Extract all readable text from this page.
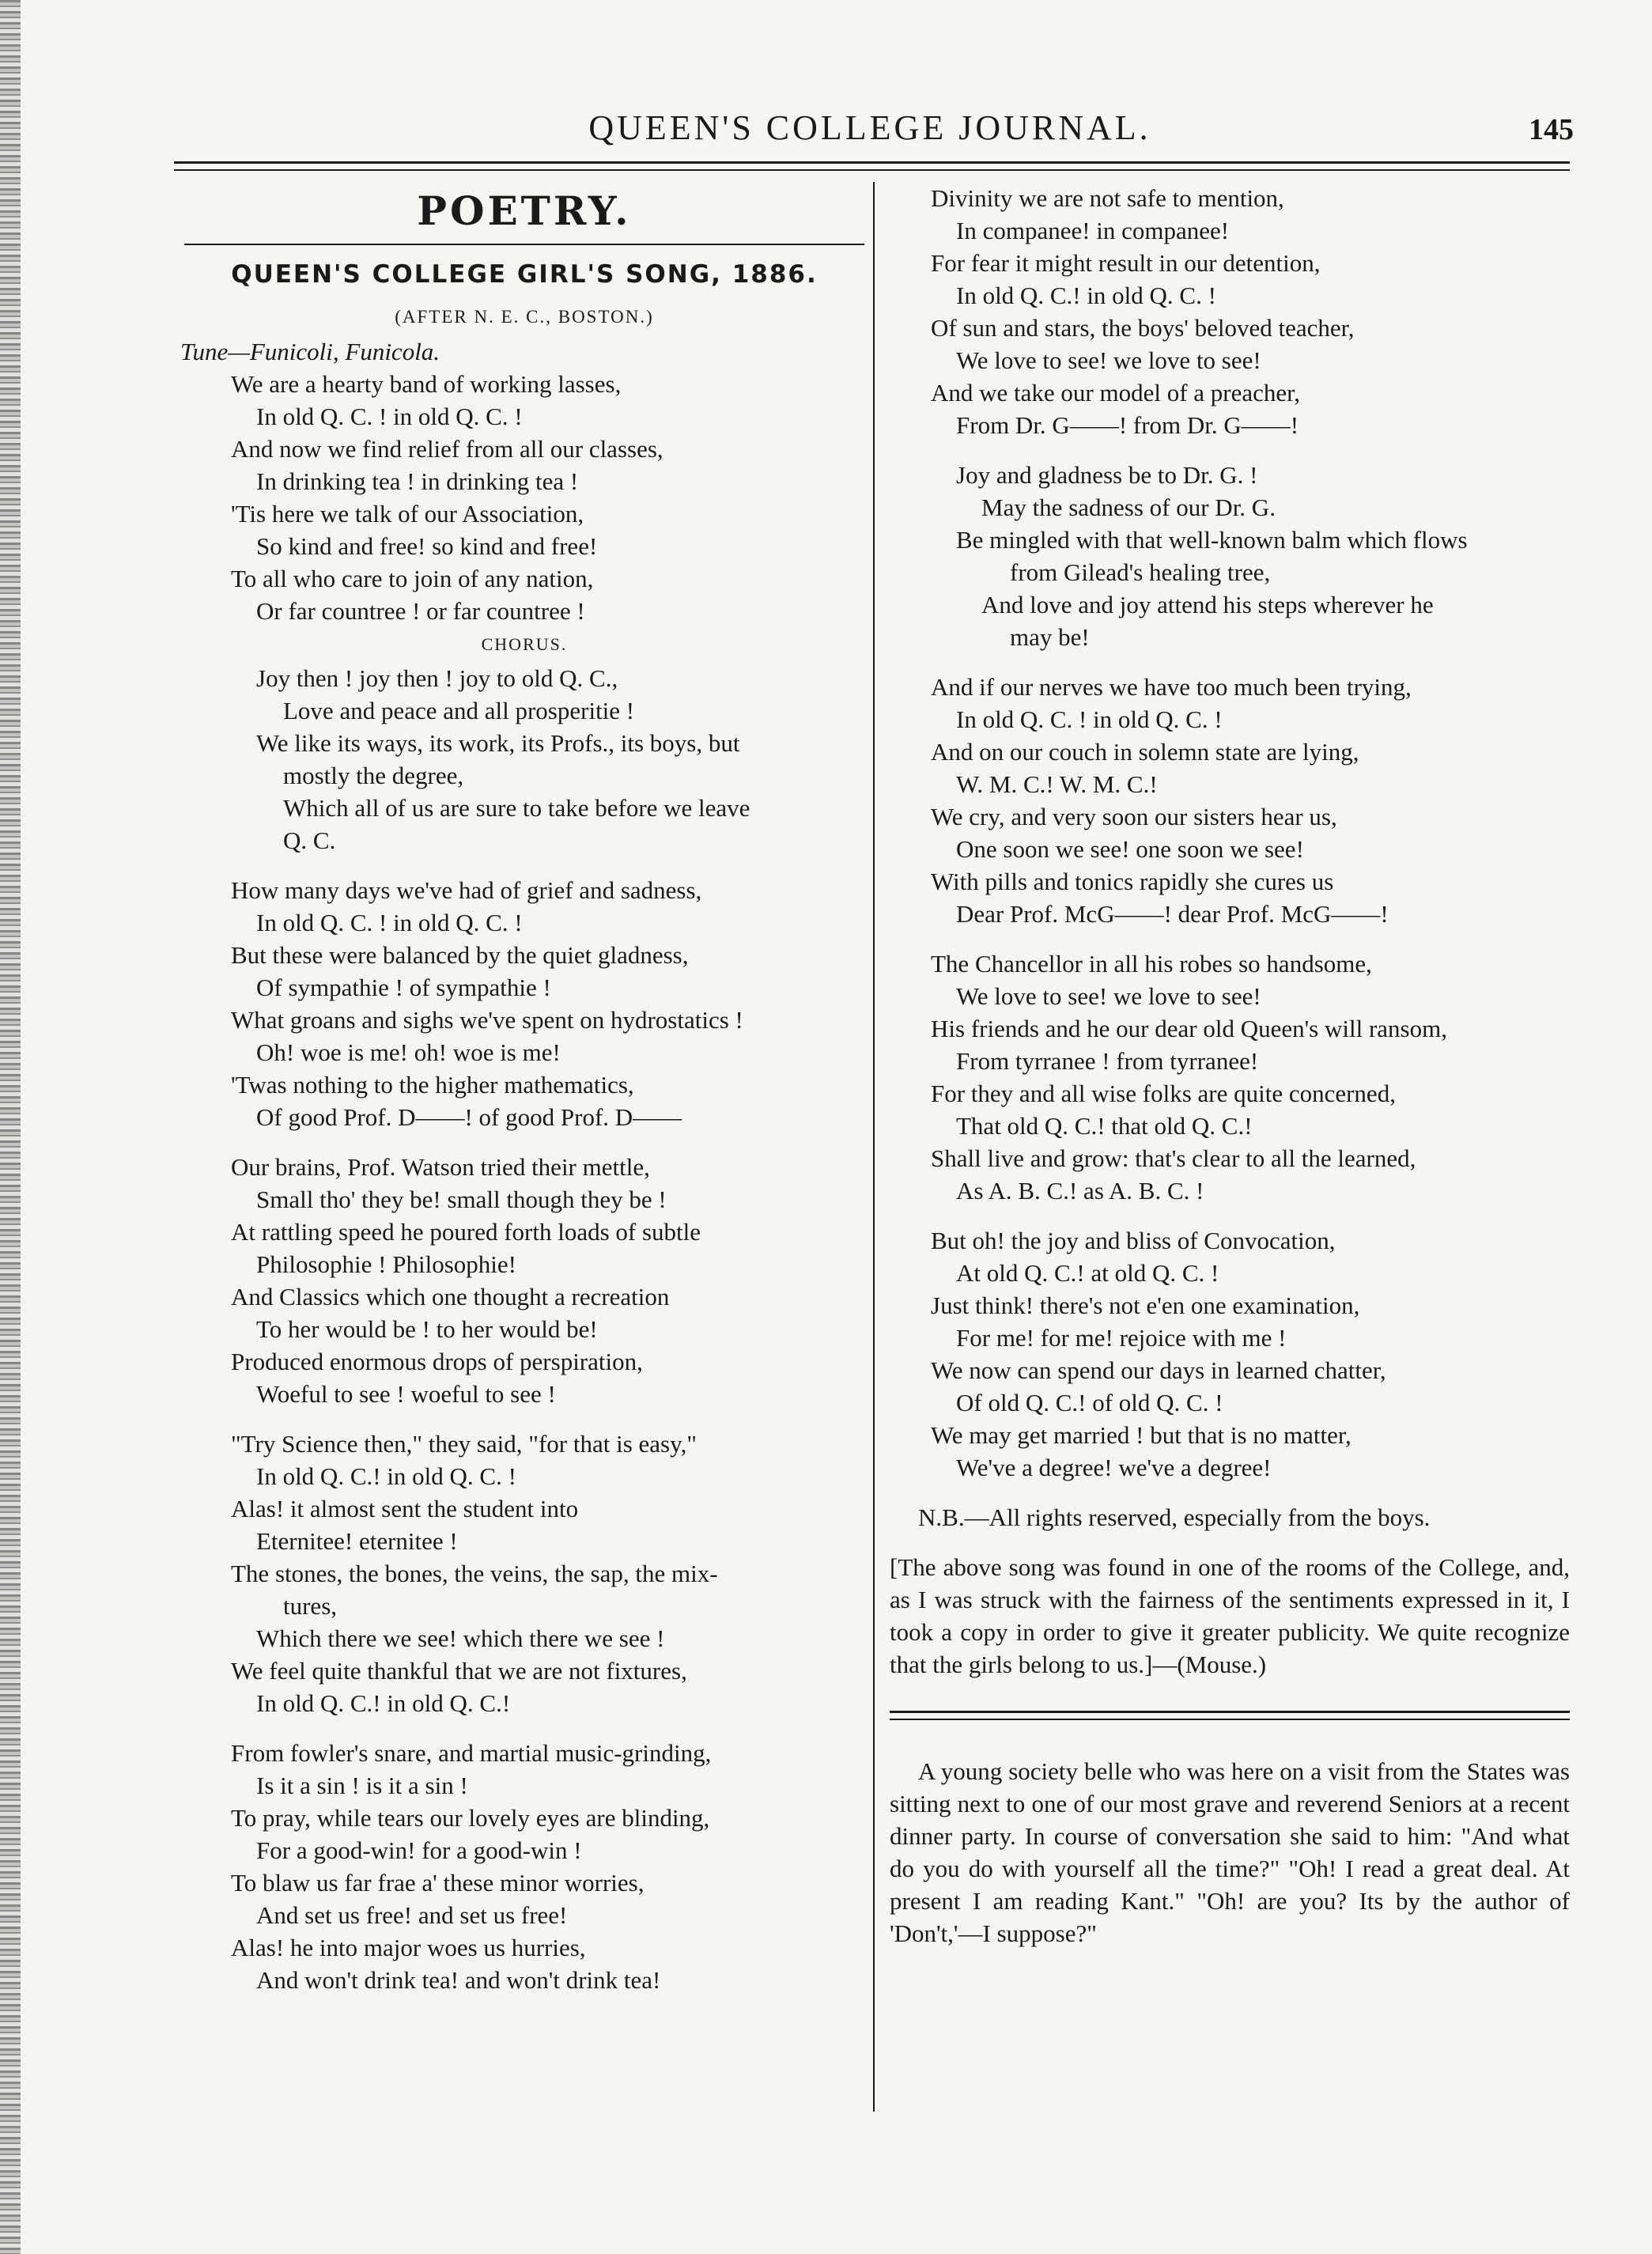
QUEEN'S COLLEGE JOURNAL.	145
POETRY.
QUEEN'S COLLEGE GIRL'S SONG, 1886.
(AFTER N. E. C., BOSTON.)
Tune—Funicoli, Funicola.
We are a hearty band of working lasses,
In old Q. C. ! in old Q. C. !
And now we find relief from all our classes,
In drinking tea ! in drinking tea !
'Tis here we talk of our Association,
So kind and free! so kind and free!
To all who care to join of any nation,
Or far countree ! or far countree !
CHORUS.
Joy then ! joy then ! joy to old Q. C.,
Love and peace and all prosperitie !
We like its ways, its work, its Profs., its boys, but
mostly the degree,
Which all of us are sure to take before we leave
Q. C.
How many days we've had of grief and sadness,
In old Q. C. ! in old Q. C. !
But these were balanced by the quiet gladness,
Of sympathie ! of sympathie !
What groans and sighs we've spent on hydrostatics !
Oh! woe is me! oh! woe is me!
'Twas nothing to the higher mathematics,
Of good Prof. D——! of good Prof. D——
Our brains, Prof. Watson tried their mettle,
Small tho' they be! small though they be !
At rattling speed he poured forth loads of subtle
Philosophie ! Philosophie!
And Classics which one thought a recreation
To her would be ! to her would be!
Produced enormous drops of perspiration,
Woeful to see ! woeful to see !
"Try Science then," they said, "for that is easy,"
In old Q. C.! in old Q. C. !
Alas! it almost sent the student into
Eternitee! eternitee !
The stones, the bones, the veins, the sap, the mix-
tures,
Which there we see! which there we see !
We feel quite thankful that we are not fixtures,
In old Q. C.! in old Q. C.!
From fowler's snare, and martial music-grinding,
Is it a sin ! is it a sin !
To pray, while tears our lovely eyes are blinding,
For a good-win! for a good-win !
To blaw us far frae a' these minor worries,
And set us free! and set us free!
Alas! he into major woes us hurries,
And won't drink tea! and won't drink tea!
Divinity we are not safe to mention,
In companee! in companee!
For fear it might result in our detention,
In old Q. C.! in old Q. C. !
Of sun and stars, the boys' beloved teacher,
We love to see! we love to see!
And we take our model of a preacher,
From Dr. G——! from Dr. G——!
Joy and gladness be to Dr. G. !
May the sadness of our Dr. G.
Be mingled with that well-known balm which flows
from Gilead's healing tree,
And love and joy attend his steps wherever he
may be!
And if our nerves we have too much been trying,
In old Q. C. ! in old Q. C. !
And on our couch in solemn state are lying,
W. M. C.! W. M. C.!
We cry, and very soon our sisters hear us,
One soon we see! one soon we see!
With pills and tonics rapidly she cures us
Dear Prof. McG——! dear Prof. McG——!
The Chancellor in all his robes so handsome,
We love to see! we love to see!
His friends and he our dear old Queen's will ransom,
From tyrranee ! from tyrranee!
For they and all wise folks are quite concerned,
That old Q. C.! that old Q. C.!
Shall live and grow: that's clear to all the learned,
As A. B. C.! as A. B. C. !
But oh! the joy and bliss of Convocation,
At old Q. C.! at old Q. C. !
Just think! there's not e'en one examination,
For me! for me! rejoice with me !
We now can spend our days in learned chatter,
Of old Q. C.! of old Q. C. !
We may get married ! but that is no matter,
We've a degree! we've a degree!
N.B.—All rights reserved, especially from the boys.
[The above song was found in one of the rooms of the College, and, as I was struck with the fairness of the sentiments expressed in it, I took a copy in order to give it greater publicity. We quite recognize that the girls belong to us.]—(Mouse.)
A young society belle who was here on a visit from the States was sitting next to one of our most grave and reverend Seniors at a recent dinner party. In course of conversation she said to him: "And what do you do with yourself all the time?" "Oh! I read a great deal. At present I am reading Kant." "Oh! are you? Its by the author of 'Don't,'—I suppose?"
